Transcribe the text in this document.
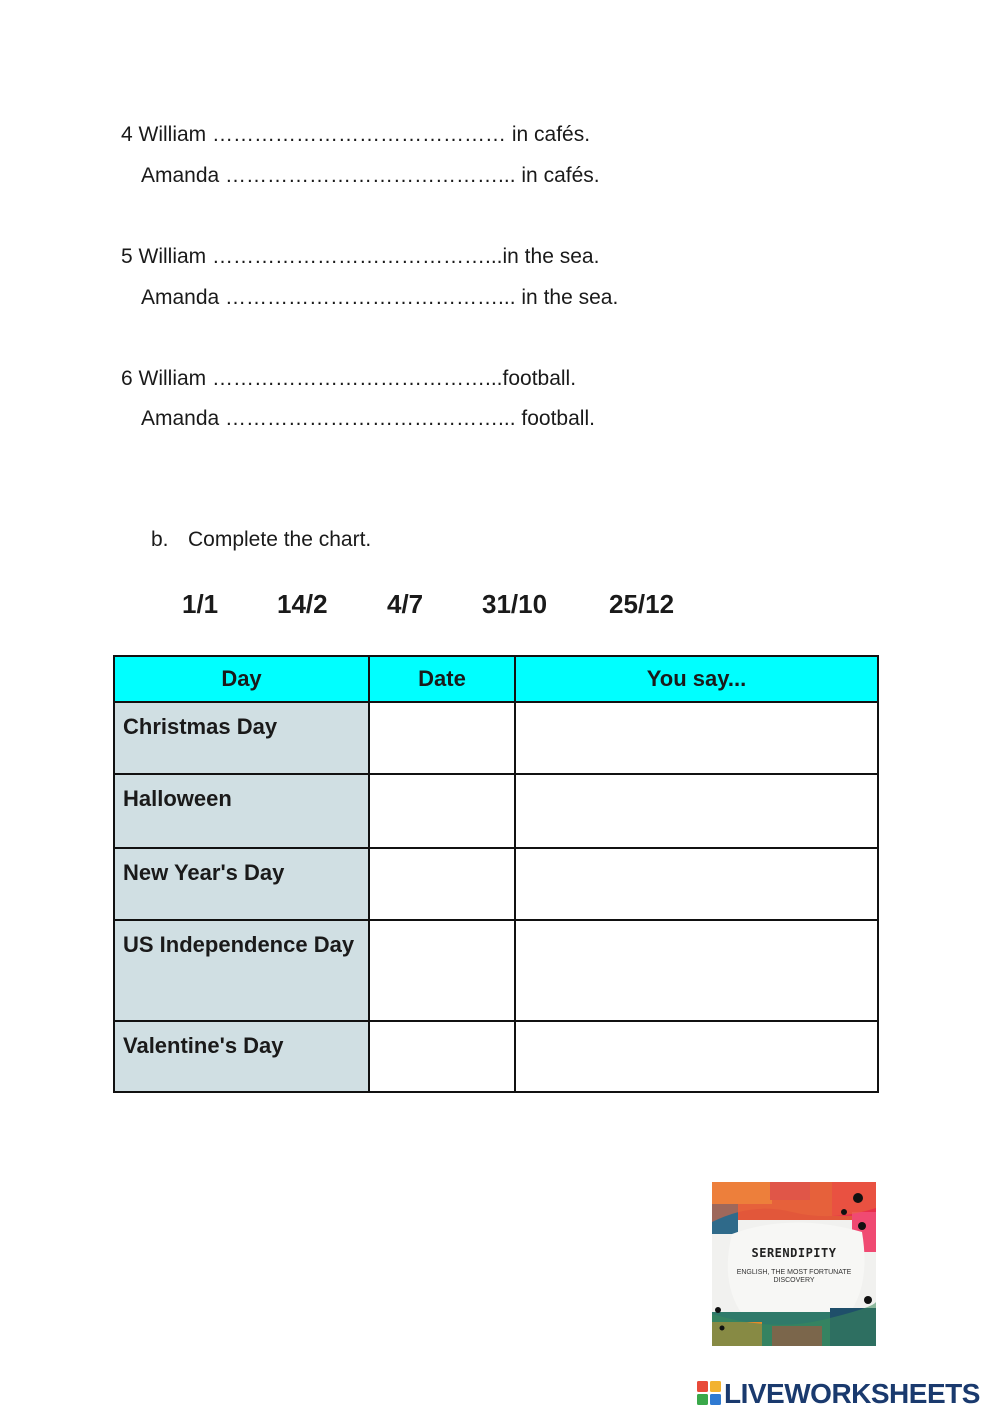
4 William …………………………………… in cafés.
Amanda …………………………………... in cafés.
5 William …………………………………...in the sea.
Amanda …………………………………... in the sea.
6 William …………………………………...football.
Amanda …………………………………... football.
b. Complete the chart.
1/1 14/2 4/7 31/10 25/12
Day	Date	You say...
Christmas Day		
Halloween		
New Year's Day		
US Independence Day		
Valentine's Day		
SERENDIPITY
ENGLISH, THE MOST FORTUNATE DISCOVERY
LIVEWORKSHEETS
